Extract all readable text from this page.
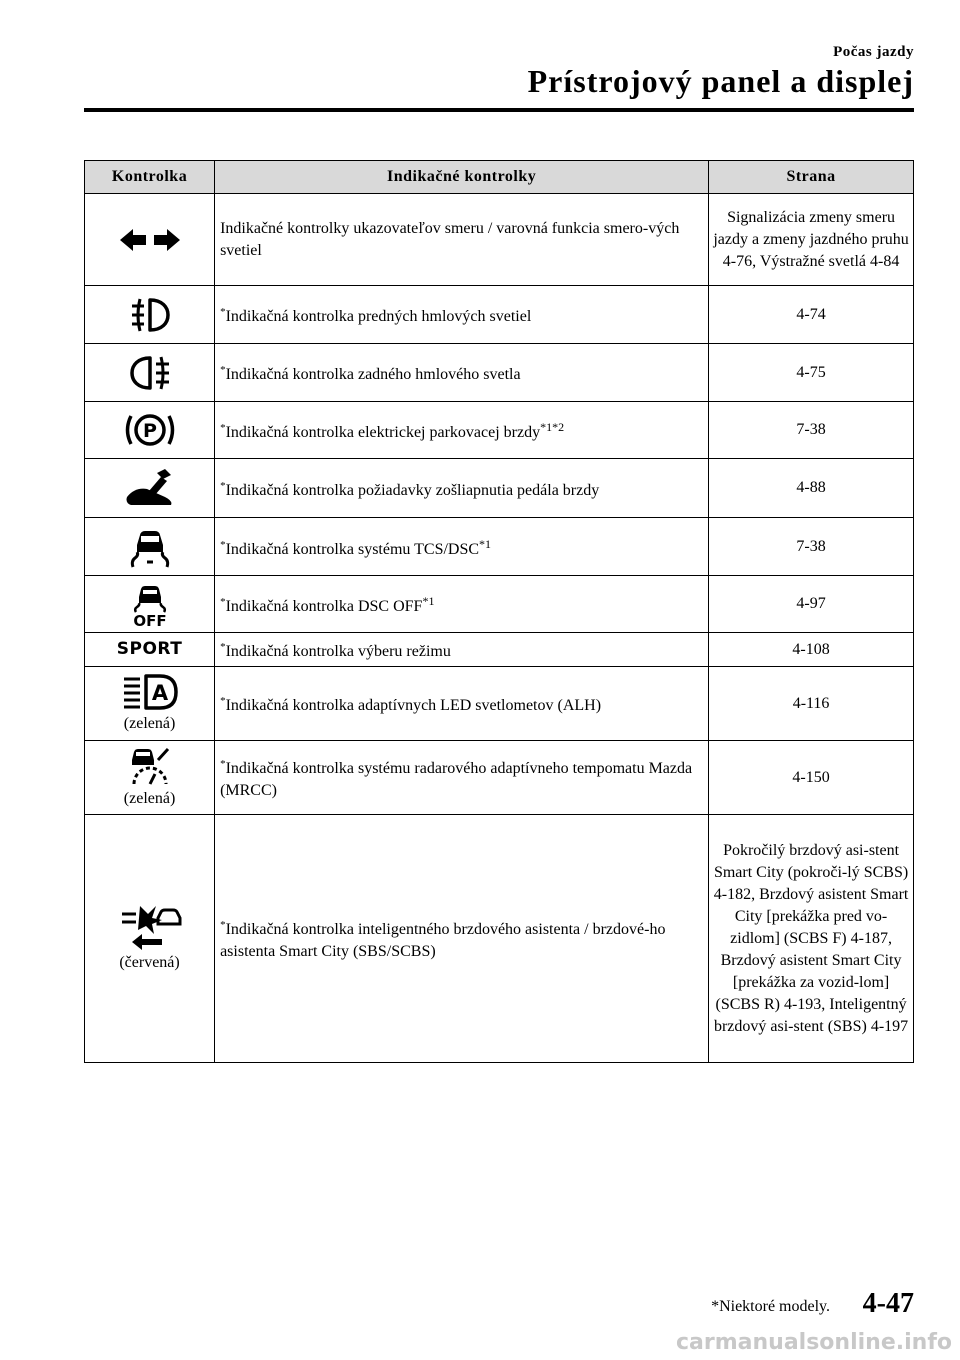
Počas jazdy
Prístrojový panel a displej
Kontrolka	Indikačné kontrolky	Strana

	Indikačné kontrolky ukazovateľov smeru / varovná funkcia smero-vých svetiel	Signalizácia zmeny smeru jazdy a zmeny jazdného pruhu 4-76, Výstražné svetlá 4-84

	*Indikačná kontrolka predných hmlových svetiel	4-74

	*Indikačná kontrolka zadného hmlového svetla	4-75

P	*Indikačná kontrolka elektrickej parkovacej brzdy$^{*1*2}$	7-38

	*Indikačná kontrolka požiadavky zošliapnutia pedála brzdy	4-88

	*Indikačná kontrolka systému TCS/DSC$^{*1}$	7-38

OFF	*Indikačná kontrolka DSC OFF$^{*1}$	4-97
SPORT	*Indikačná kontrolka výberu režimu	4-108

A
(zelená)	*Indikačná kontrolka adaptívnych LED svetlometov (ALH)	4-116

(zelená)	*Indikačná kontrolka systému radarového adaptívneho tempomatu Mazda (MRCC)	4-150

(červená)	*Indikačná kontrolka inteligentného brzdového asistenta / brzdové-ho asistenta Smart City (SBS/SCBS)	Pokročilý brzdový asi-stent Smart City (pokroči-lý SCBS) 4-182, Brzdový asistent Smart City [prekážka pred vo-zidlom] (SCBS F) 4-187, Brzdový asistent Smart City [prekážka za vozid-lom] (SCBS R) 4-193, Inteligentný brzdový asi-stent (SBS) 4-197
*Niektoré modely. 4-47
carmanualsonline.info
